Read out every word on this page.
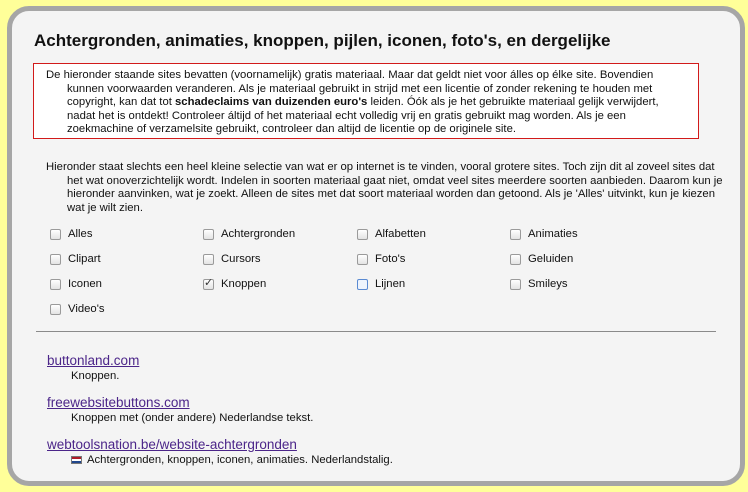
Achtergronden, animaties, knoppen, pijlen, iconen, foto's, en dergelijke

De hieronder staande sites bevatten (voornamelijk) gratis materiaal. Maar dat geldt niet voor álles op élke site. Bovendien kunnen voorwaarden veranderen. Als je materiaal gebruikt in strijd met een licentie of zonder rekening te houden met copyright, kan dat tot schadeclaims van duizenden euro's leiden. Óók als je het gebruikte materiaal gelijk verwijdert, nadat het is ontdekt! Controleer áltijd of het materiaal echt volledig vrij en gratis gebruikt mag worden. Als je een zoekmachine of verzamelsite gebruikt, controleer dan altijd de licentie op de originele site.

Hieronder staat slechts een heel kleine selectie van wat er op internet is te vinden, vooral grotere sites. Toch zijn dit al zoveel sites dat het wat onoverzichtelijk wordt. Indelen in soorten materiaal gaat niet, omdat veel sites meerdere soorten aanbieden. Daarom kun je hieronder aanvinken, wat je zoekt. Alleen de sites met dat soort materiaal worden dan getoond. Als je 'Alles' uitvinkt, kun je kiezen wat je wilt zien.

Alles	Achtergronden	Alfabetten	Animaties
Clipart	Cursors	Foto's	Geluiden
Iconen	✓ Knoppen	Lijnen	Smileys
Video's
buttonland.com
Knoppen.
freewebsitebuttons.com
Knoppen met (onder andere) Nederlandse tekst.
webtoolsnation.be/website-achtergronden
Achtergronden, knoppen, iconen, animaties. Nederlandstalig.
